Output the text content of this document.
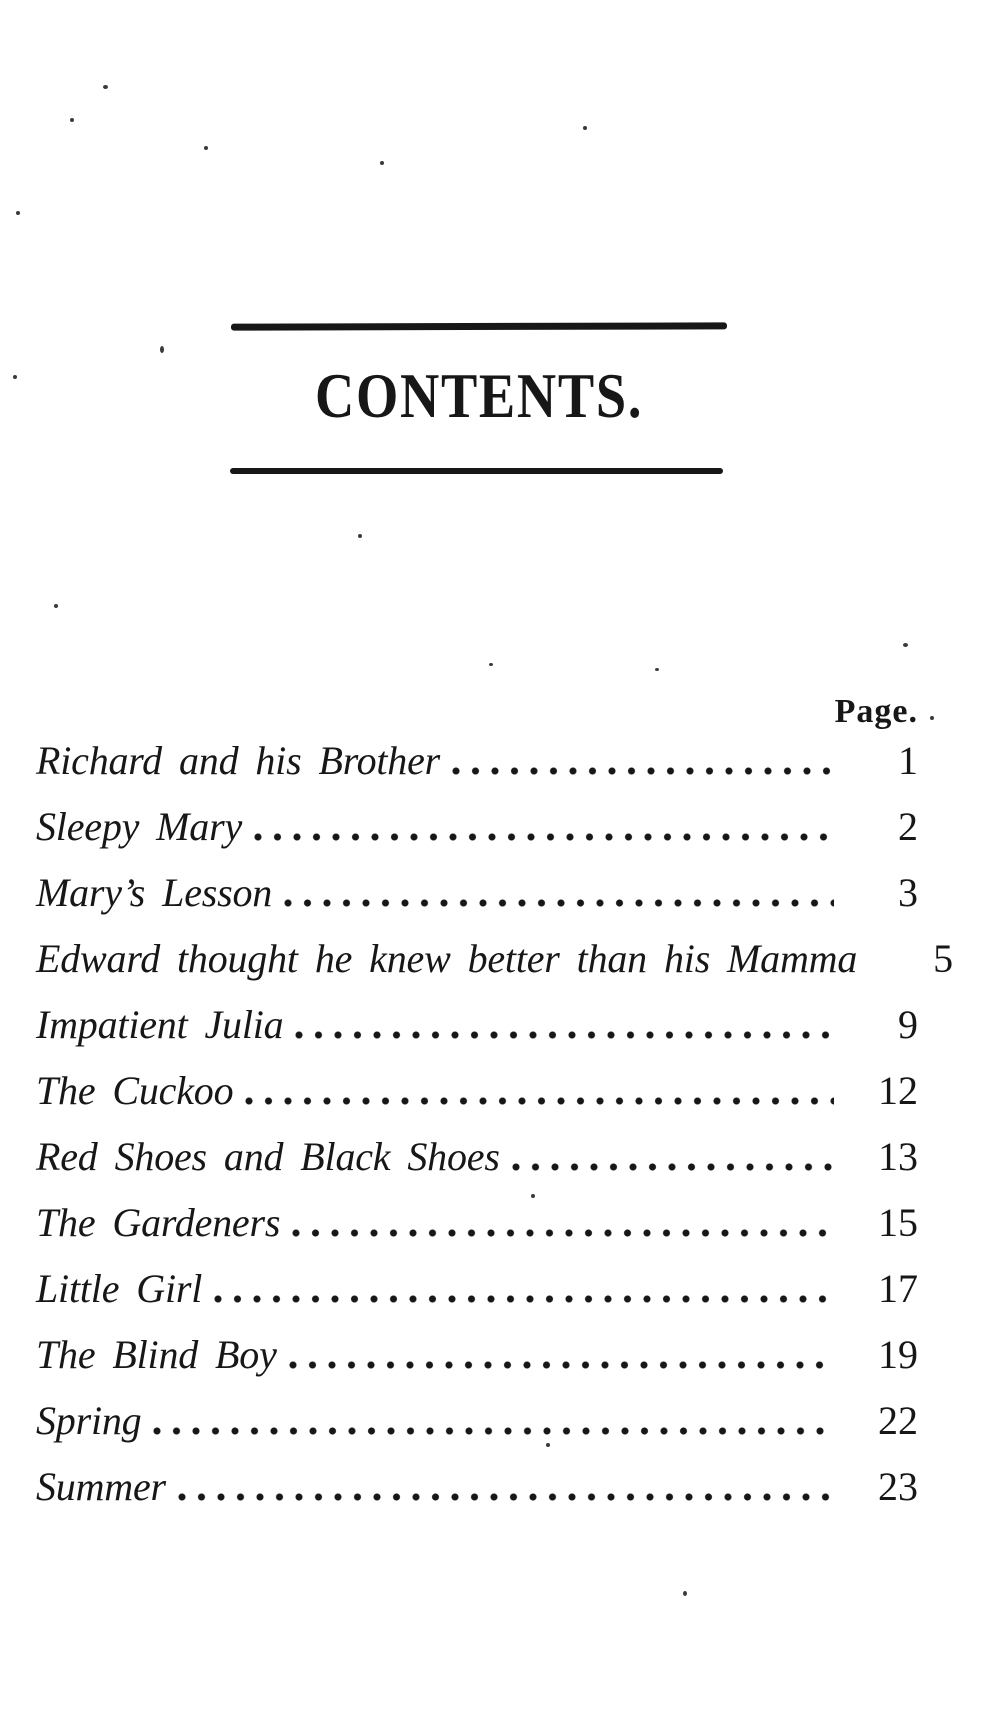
CONTENTS.
Page.
Richard and his Brother	1
Sleepy Mary	2
Mary’s Lesson	3
Edward thought he knew better than his Mamma	5
Impatient Julia	9
The Cuckoo	12
Red Shoes and Black Shoes	13
The Gardeners	15
Little Girl	17
The Blind Boy	19
Spring	22
Summer	23
